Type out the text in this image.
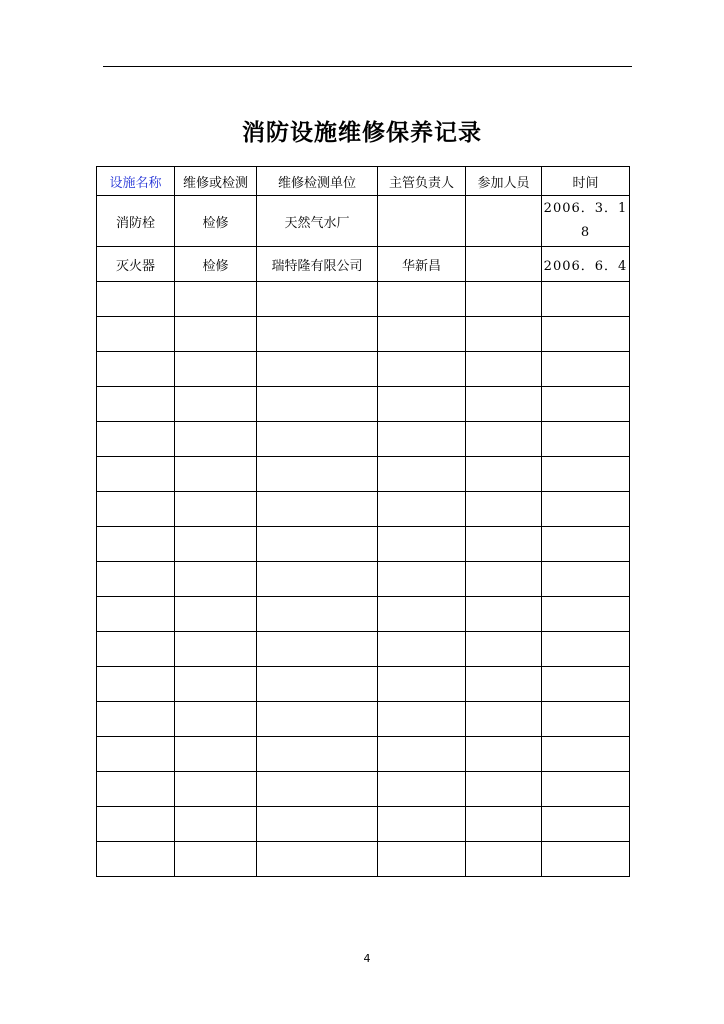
消防设施维修保养记录
设施名称	维修或检测	维修检测单位	主管负责人	参加人员	时间
消防栓	检修	天然气水厂			2006．3．18

灭火器	检修	瑞特隆有限公司	华新昌		2006．6．4

4
